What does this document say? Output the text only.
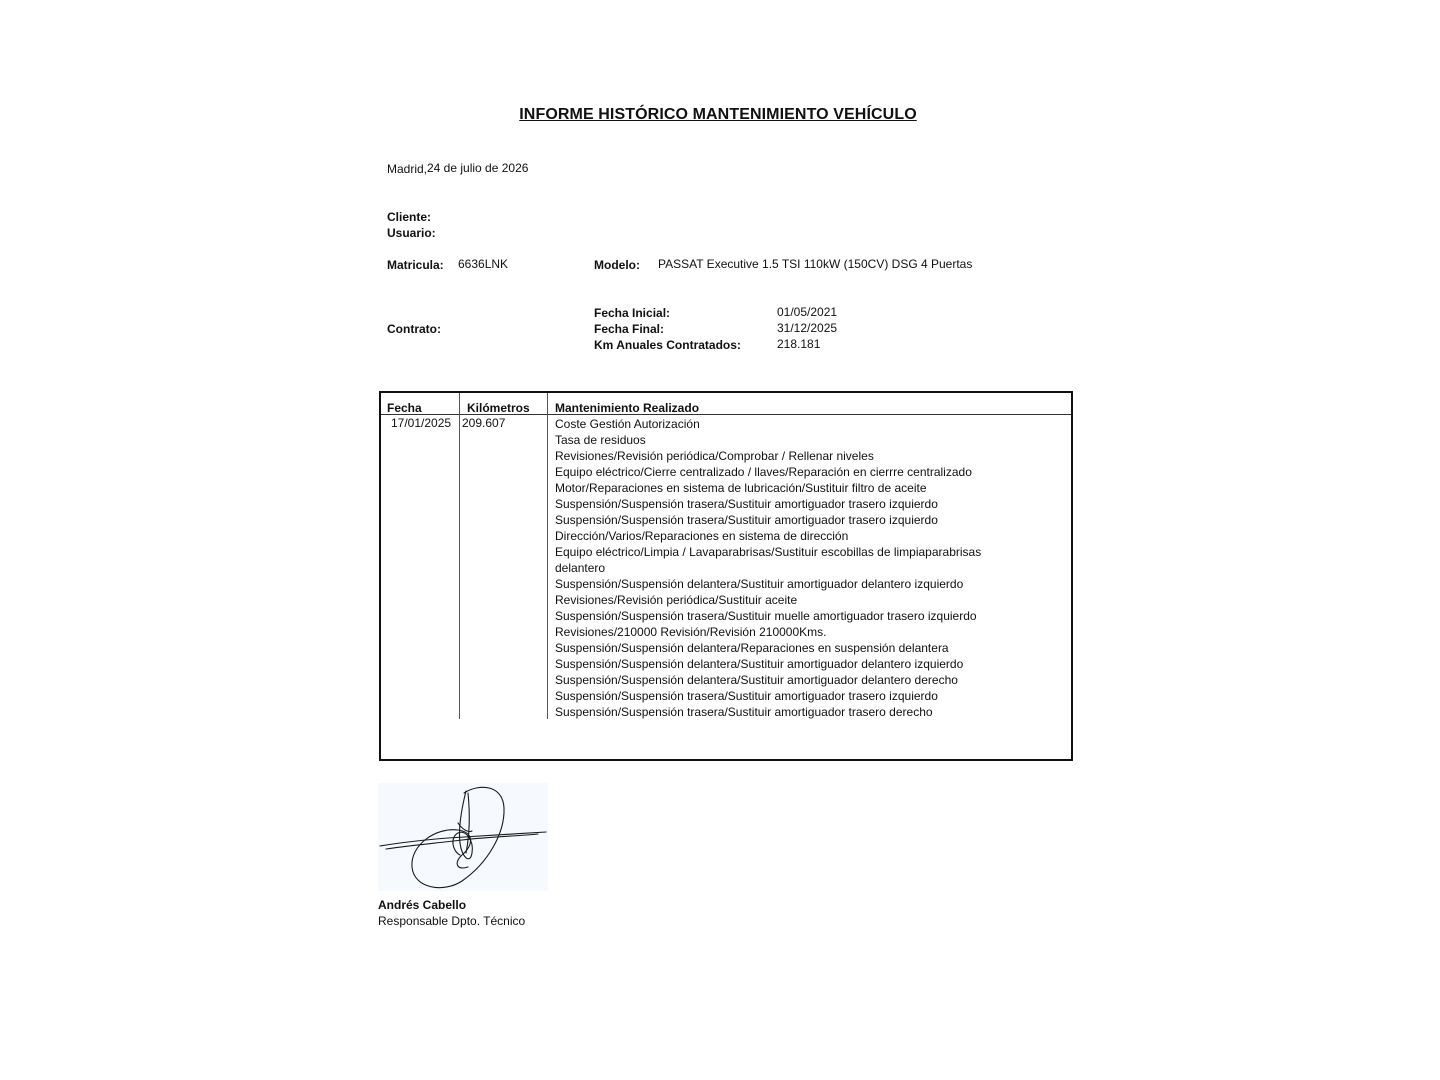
INFORME HISTÓRICO MANTENIMIENTO VEHÍCULO
Madrid, 24 de julio de 2026
Cliente:
Usuario:
Matricula: 6636LNK	Modelo: PASSAT Executive 1.5 TSI 110kW (150CV) DSG 4 Puertas
Contrato:
Fecha Inicial:	01/05/2021
Fecha Final:	31/12/2025
Km Anuales Contratados:	218.181
Fecha	Kilómetros Mantenimiento Realizado
17/01/2025 209.607	Coste Gestión Autorización
Tasa de residuos
Revisiones/Revisión periódica/Comprobar / Rellenar niveles
Equipo eléctrico/Cierre centralizado / llaves/Reparación en cierrre centralizado
Motor/Reparaciones en sistema de lubricación/Sustituir filtro de aceite
Suspensión/Suspensión trasera/Sustituir amortiguador trasero izquierdo
Suspensión/Suspensión trasera/Sustituir amortiguador trasero izquierdo
Dirección/Varios/Reparaciones en sistema de dirección
Equipo eléctrico/Limpia / Lavaparabrisas/Sustituir escobillas de limpiaparabrisas
delantero
Suspensión/Suspensión delantera/Sustituir amortiguador delantero izquierdo
Revisiones/Revisión periódica/Sustituir aceite
Suspensión/Suspensión trasera/Sustituir muelle amortiguador trasero izquierdo
Revisiones/210000 Revisión/Revisión 210000Kms.
Suspensión/Suspensión delantera/Reparaciones en suspensión delantera
Suspensión/Suspensión delantera/Sustituir amortiguador delantero izquierdo
Suspensión/Suspensión delantera/Sustituir amortiguador delantero derecho
Suspensión/Suspensión trasera/Sustituir amortiguador trasero izquierdo
Suspensión/Suspensión trasera/Sustituir amortiguador trasero derecho
Andrés Cabello
Responsable Dpto. Técnico
